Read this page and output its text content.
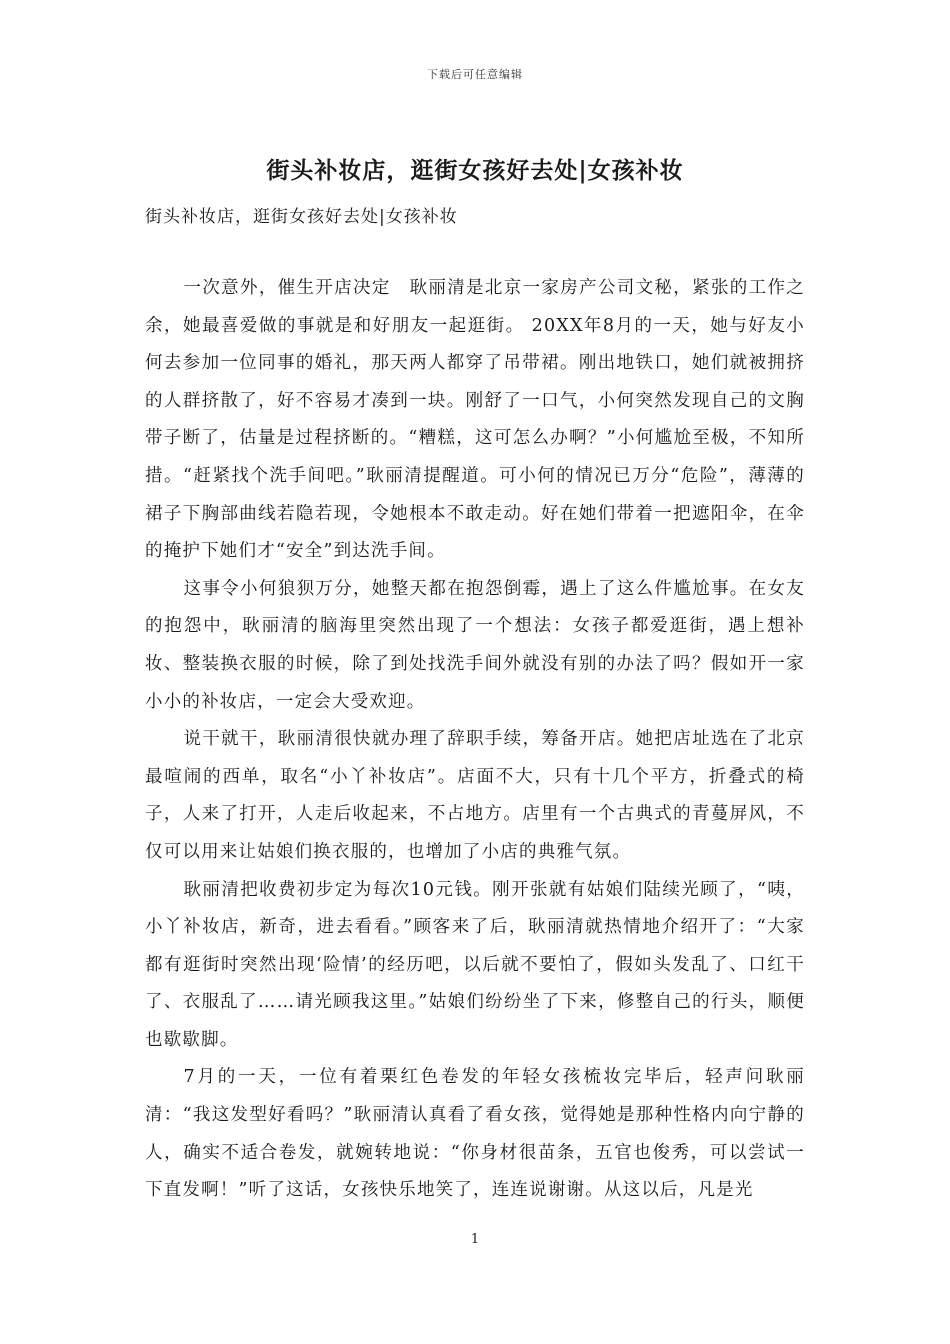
下载后可任意编辑
街头补妆店，逛街女孩好去处|女孩补妆

街头补妆店，逛街女孩好去处|女孩补妆

一次意外，催生开店决定　耿丽清是北京一家房产公司文秘，紧张的工作之余，她最喜爱做的事就是和好朋友一起逛街。 20XX年8月的一天，她与好友小何去参加一位同事的婚礼，那天两人都穿了吊带裙。刚出地铁口，她们就被拥挤的人群挤散了，好不容易才凑到一块。刚舒了一口气，小何突然发现自己的文胸带子断了，估量是过程挤断的。“糟糕，这可怎么办啊？”小何尴尬至极，不知所措。“赶紧找个洗手间吧。”耿丽清提醒道。可小何的情况已万分“危险”，薄薄的裙子下胸部曲线若隐若现，令她根本不敢走动。好在她们带着一把遮阳伞，在伞的掩护下她们才“安全”到达洗手间。

这事令小何狼狈万分，她整天都在抱怨倒霉，遇上了这么件尴尬事。在女友的抱怨中，耿丽清的脑海里突然出现了一个想法：女孩子都爱逛街，遇上想补妆、整装换衣服的时候，除了到处找洗手间外就没有别的办法了吗？假如开一家小小的补妆店，一定会大受欢迎。

说干就干，耿丽清很快就办理了辞职手续，筹备开店。她把店址选在了北京最喧闹的西单，取名“小丫补妆店”。店面不大，只有十几个平方，折叠式的椅子，人来了打开，人走后收起来，不占地方。店里有一个古典式的青蔓屏风，不仅可以用来让姑娘们换衣服的，也增加了小店的典雅气氛。

耿丽清把收费初步定为每次10元钱。刚开张就有姑娘们陆续光顾了，“咦，小丫补妆店，新奇，进去看看。”顾客来了后，耿丽清就热情地介绍开了：“大家都有逛街时突然出现‘险情’的经历吧，以后就不要怕了，假如头发乱了、口红干了、衣服乱了……请光顾我这里。”姑娘们纷纷坐了下来，修整自己的行头，顺便也歇歇脚。

7月的一天，一位有着栗红色卷发的年轻女孩梳妆完毕后，轻声问耿丽清：“我这发型好看吗？”耿丽清认真看了看女孩，觉得她是那种性格内向宁静的人，确实不适合卷发，就婉转地说：“你身材很苗条，五官也俊秀，可以尝试一下直发啊！”听了这话，女孩快乐地笑了，连连说谢谢。从这以后，凡是光

1
